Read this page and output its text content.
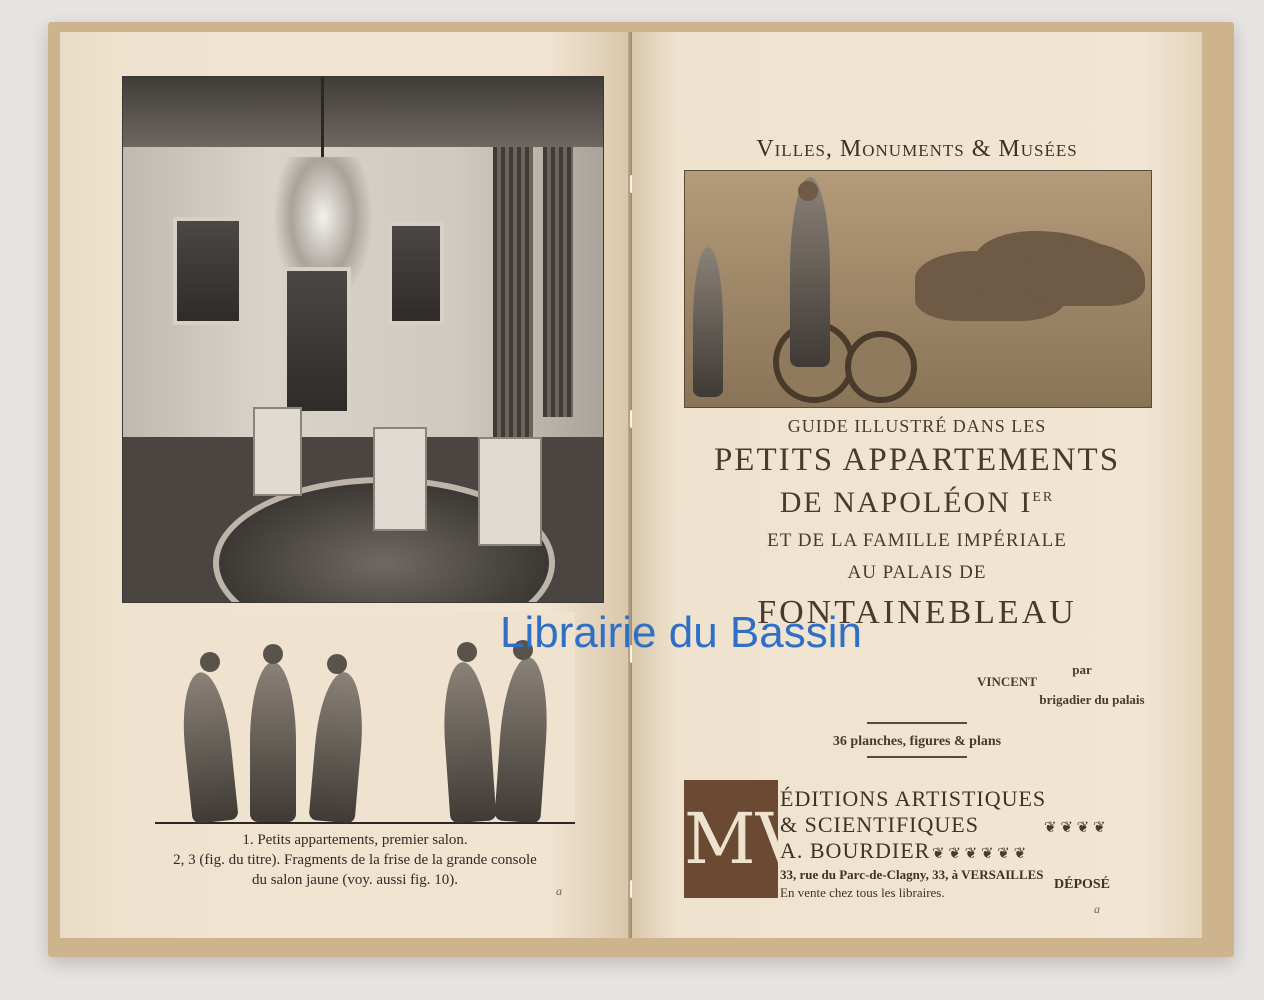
1. Petits appartements, premier salon.
2, 3 (fig. du titre). Fragments de la frise de la grande console
du salon jaune (voy. aussi fig. 10).
a
Villes, Monuments & Musées
GUIDE ILLUSTRÉ DANS LES
PETITS APPARTEMENTS
DE NAPOLÉON IER
ET DE LA FAMILLE IMPÉRIALE
AU PALAIS DE
FONTAINEBLEAU
par
VINCENT
brigadier du palais
36 planches, figures & plans
MV
ÉDITIONS ARTISTIQUES
& SCIENTIFIQUES	❦ ❦ ❦ ❦
A. BOURDIER ❦ ❦ ❦ ❦ ❦ ❦
33, rue du Parc-de-Clagny, 33, à VERSAILLES
En vente chez tous les libraires.
DÉPOSÉ
a
Librairie du Bassin
